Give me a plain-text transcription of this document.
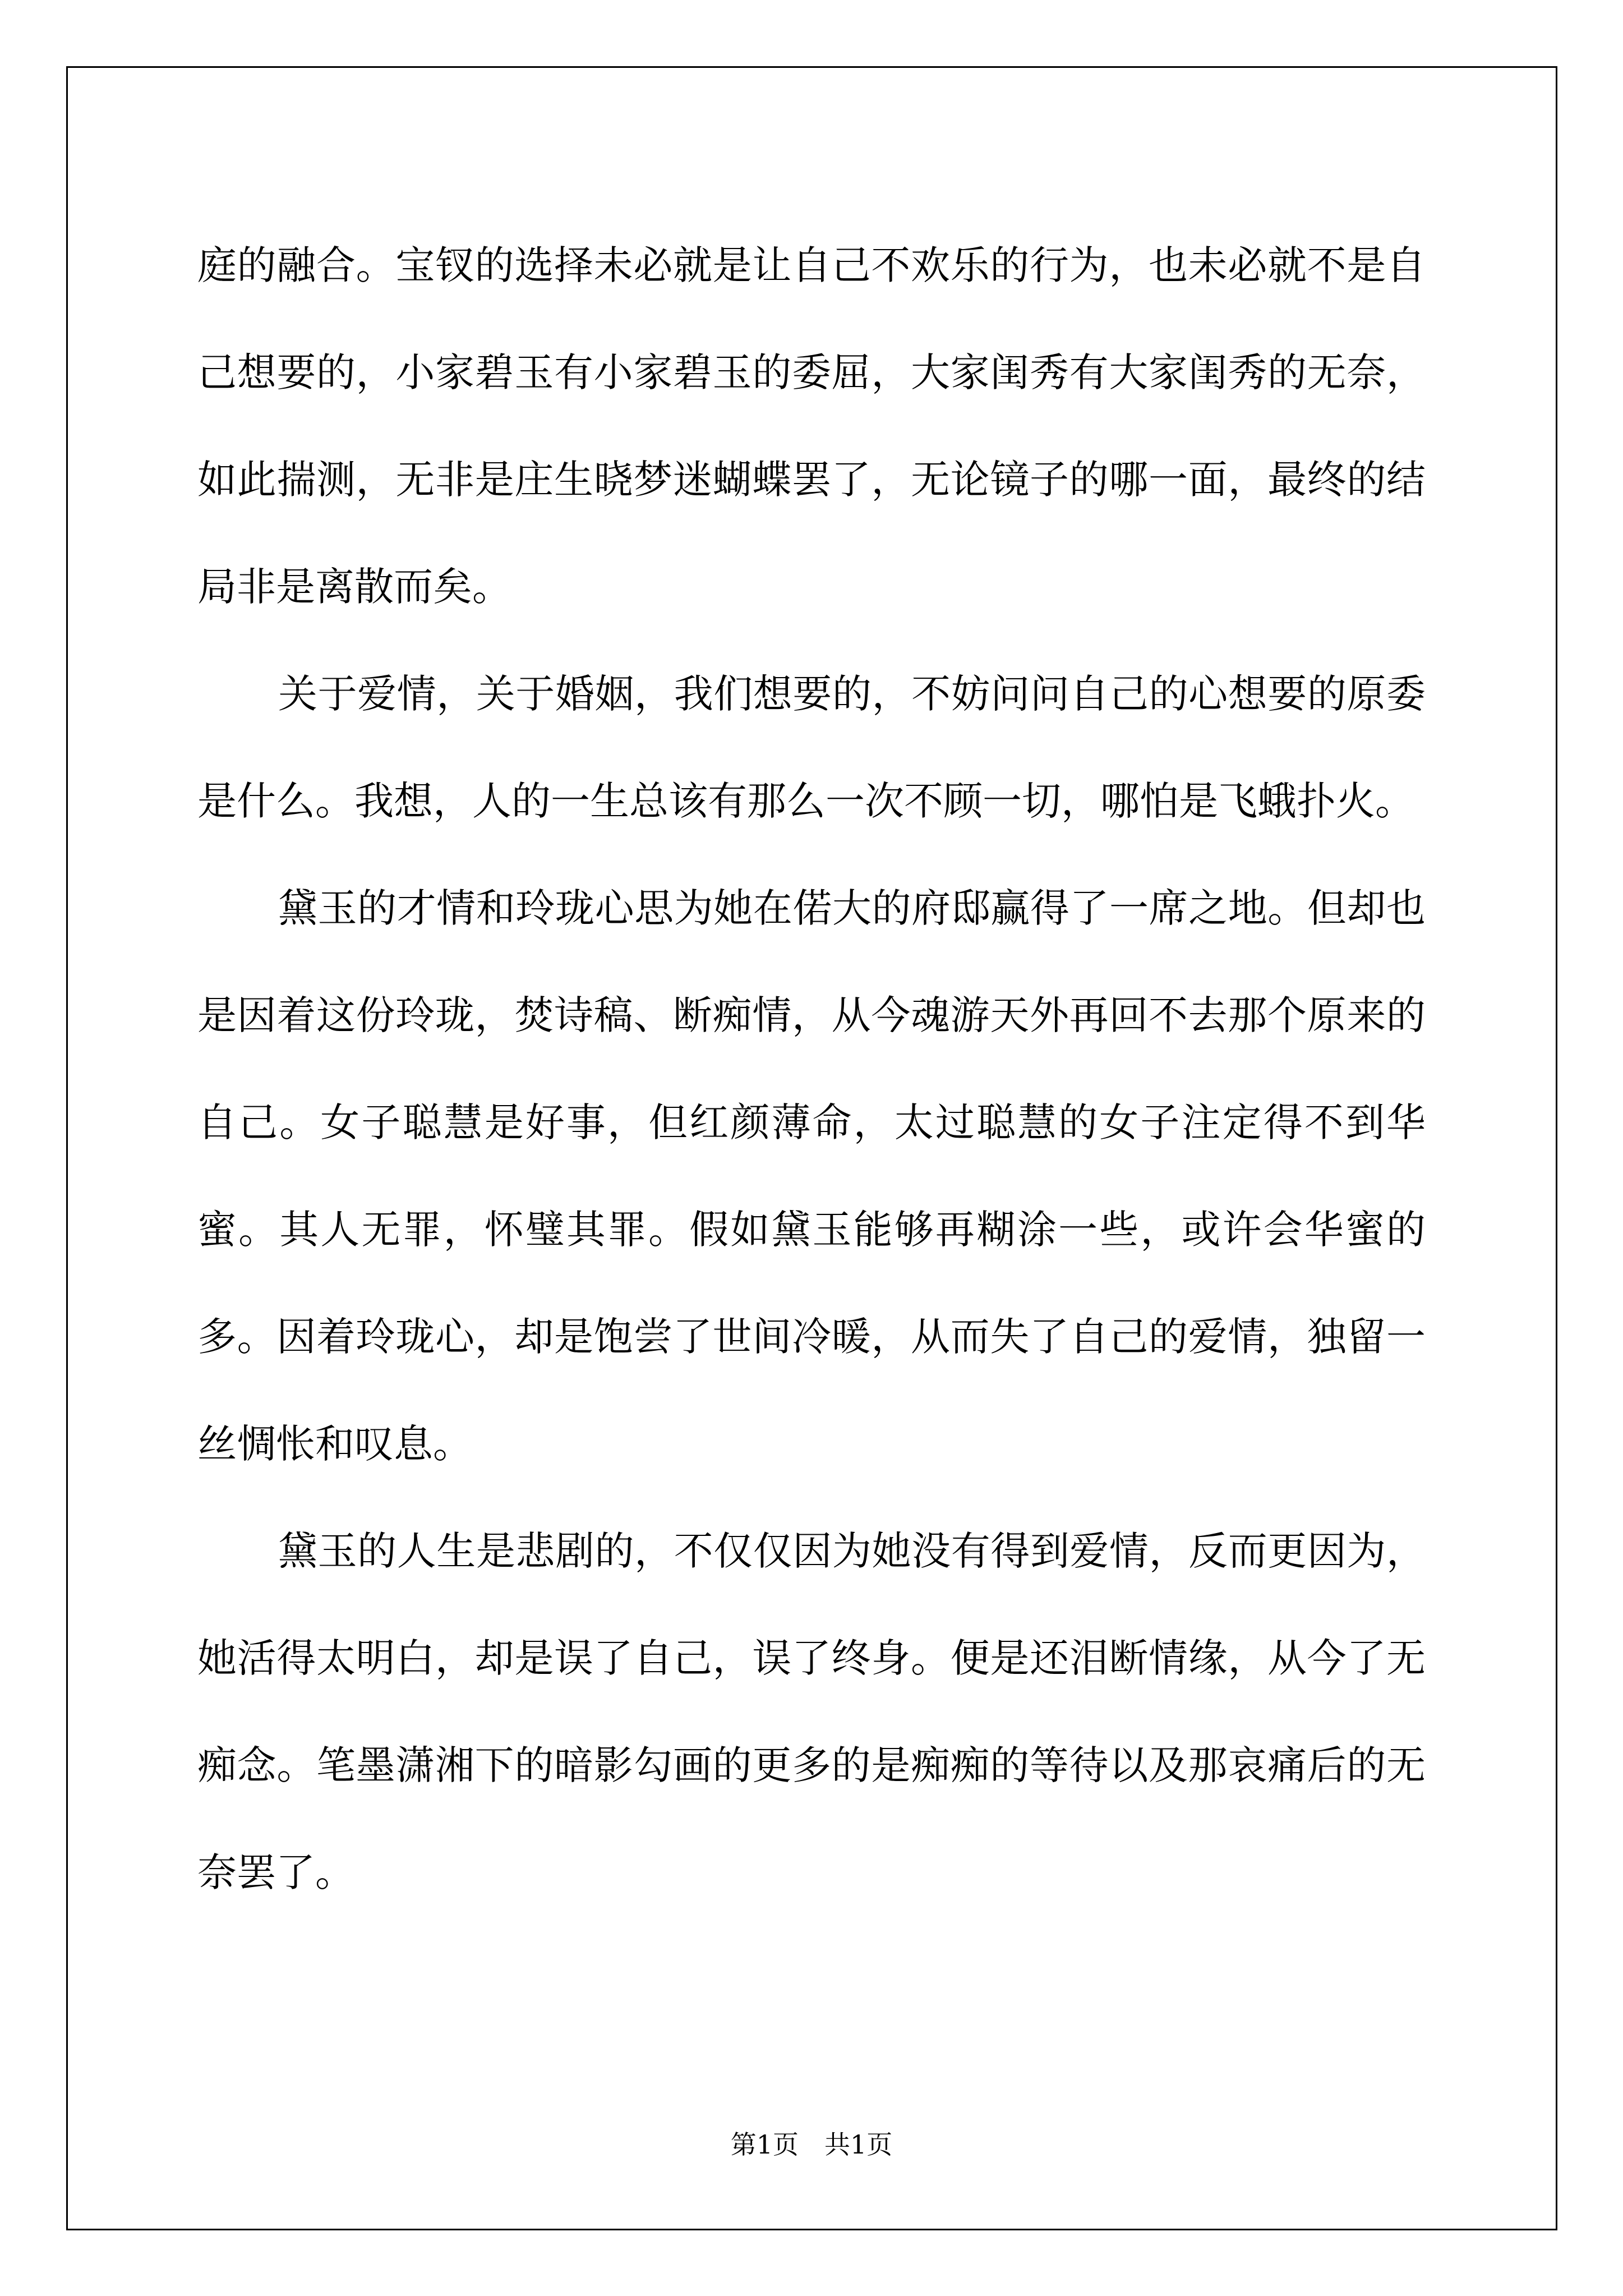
庭的融合。宝钗的选择未必就是让自己不欢乐的行为，也未必就不是自己想要的，小家碧玉有小家碧玉的委屈，大家闺秀有大家闺秀的无奈，如此揣测，无非是庄生晓梦迷蝴蝶罢了，无论镜子的哪一面，最终的结局非是离散而矣。

关于爱情，关于婚姻，我们想要的，不妨问问自己的心想要的原委是什么。我想，人的一生总该有那么一次不顾一切，哪怕是飞蛾扑火。

黛玉的才情和玲珑心思为她在偌大的府邸赢得了一席之地。但却也是因着这份玲珑，焚诗稿、断痴情，从今魂游天外再回不去那个原来的自己。女子聪慧是好事，但红颜薄命，太过聪慧的女子注定得不到华蜜。其人无罪，怀璧其罪。假如黛玉能够再糊涂一些，或许会华蜜的多。因着玲珑心，却是饱尝了世间冷暖，从而失了自己的爱情，独留一丝惆怅和叹息。

黛玉的人生是悲剧的，不仅仅因为她没有得到爱情，反而更因为，她活得太明白，却是误了自己，误了终身。便是还泪断情缘，从今了无痴念。笔墨潇湘下的暗影勾画的更多的是痴痴的等待以及那哀痛后的无奈罢了。

第1页　共1页
